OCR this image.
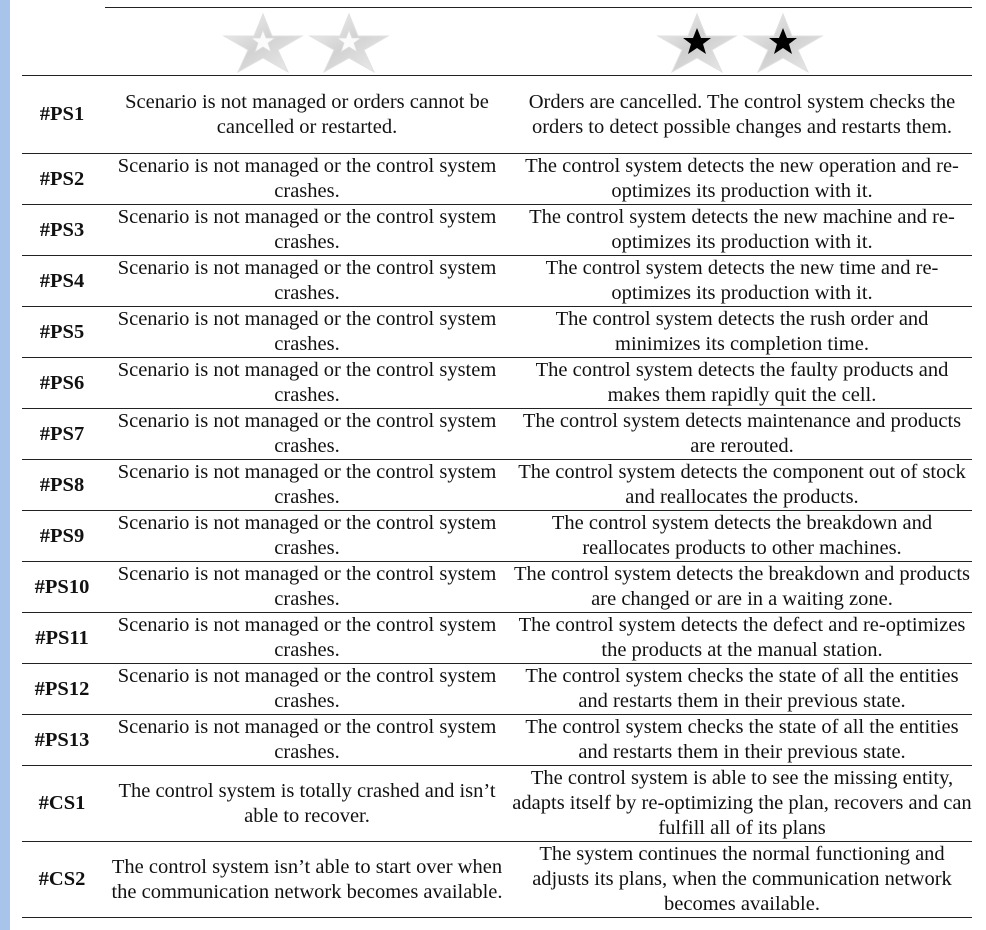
#PS1	Scenario is not managed or orders cannot be cancelled or restarted.	Orders are cancelled. The control system checks the orders to detect possible changes and restarts them.
#PS2	Scenario is not managed or the control system crashes.	The control system detects the new operation and re-optimizes its production with it.
#PS3	Scenario is not managed or the control system crashes.	The control system detects the new machine and re-optimizes its production with it.
#PS4	Scenario is not managed or the control system crashes.	The control system detects the new time and re-optimizes its production with it.
#PS5	Scenario is not managed or the control system crashes.	The control system detects the rush order and minimizes its completion time.
#PS6	Scenario is not managed or the control system crashes.	The control system detects the faulty products and makes them rapidly quit the cell.
#PS7	Scenario is not managed or the control system crashes.	The control system detects maintenance and products are rerouted.
#PS8	Scenario is not managed or the control system crashes.	The control system detects the component out of stock and reallocates the products.
#PS9	Scenario is not managed or the control system crashes.	The control system detects the breakdown and reallocates products to other machines.
#PS10	Scenario is not managed or the control system crashes.	The control system detects the breakdown and products are changed or are in a waiting zone.
#PS11	Scenario is not managed or the control system crashes.	The control system detects the defect and re-optimizes the products at the manual station.
#PS12	Scenario is not managed or the control system crashes.	The control system checks the state of all the entities and restarts them in their previous state.
#PS13	Scenario is not managed or the control system crashes.	The control system checks the state of all the entities and restarts them in their previous state.
#CS1	The control system is totally crashed and isn’t able to recover.	The control system is able to see the missing entity, adapts itself by re-optimizing the plan, recovers and can fulfill all of its plans
#CS2	The control system isn’t able to start over when the communication network becomes available.	The system continues the normal functioning and adjusts its plans, when the communication network becomes available.
